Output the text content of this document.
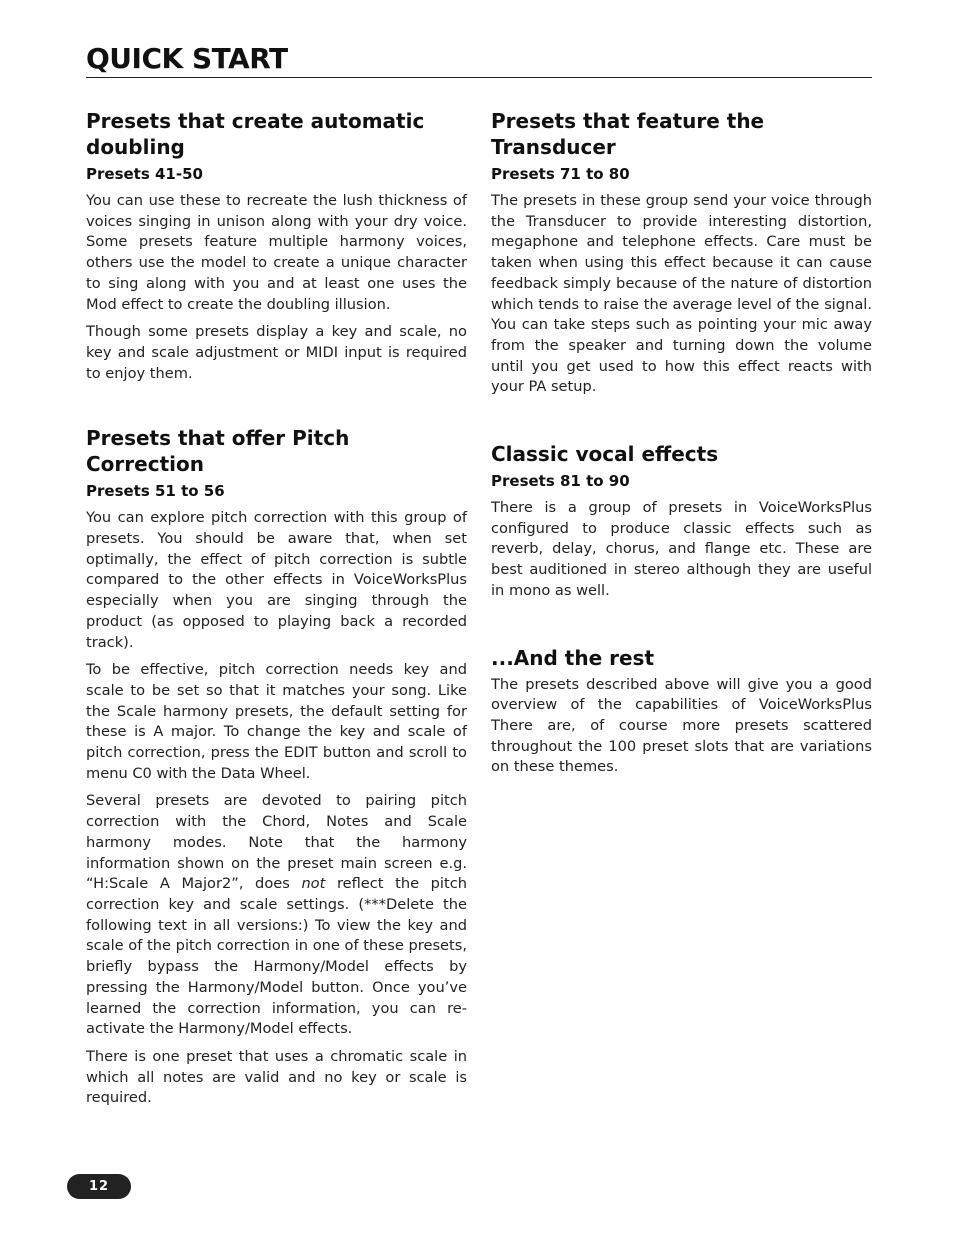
QUICK START
Presets that create automatic doubling
Presets 41-50

You can use these to recreate the lush thickness of voices singing in unison along with your dry voice. Some presets feature multiple harmony voices, others use the model to create a unique character to sing along with you and at least one uses the Mod effect to create the doubling illusion.

Though some presets display a key and scale, no key and scale adjustment or MIDI input is required to enjoy them.

Presets that offer Pitch Correction
Presets 51 to 56

You can explore pitch correction with this group of presets. You should be aware that, when set optimally, the effect of pitch correction is subtle compared to the other effects in VoiceWorksPlus especially when you are singing through the product (as opposed to playing back a recorded track).

To be effective, pitch correction needs key and scale to be set so that it matches your song. Like the Scale harmony presets, the default setting for these is A major. To change the key and scale of pitch correction, press the EDIT button and scroll to menu C0 with the Data Wheel.

Several presets are devoted to pairing pitch correction with the Chord, Notes and Scale harmony modes. Note that the harmony information shown on the preset main screen e.g. “H:Scale A Major2”, does not reflect the pitch correction key and scale settings. (***Delete the following text in all versions:) To view the key and scale of the pitch correction in one of these presets, briefly bypass the Harmony/Model effects by pressing the Harmony/Model button. Once you’ve learned the correction information, you can re-activate the Harmony/Model effects.

There is one preset that uses a chromatic scale in which all notes are valid and no key or scale is required.

Presets that feature the Transducer
Presets 71 to 80

The presets in these group send your voice through the Transducer to provide interesting distortion, megaphone and telephone effects. Care must be taken when using this effect because it can cause feedback simply because of the nature of distortion which tends to raise the average level of the signal. You can take steps such as pointing your mic away from the speaker and turning down the volume until you get used to how this effect reacts with your PA setup.

Classic vocal effects
Presets 81 to 90

There is a group of presets in VoiceWorksPlus configured to produce classic effects such as reverb, delay, chorus, and flange etc. These are best auditioned in stereo although they are useful in mono as well.

...And the rest

The presets described above will give you a good overview of the capabilities of VoiceWorksPlus There are, of course more presets scattered throughout the 100 preset slots that are variations on these themes.

12
